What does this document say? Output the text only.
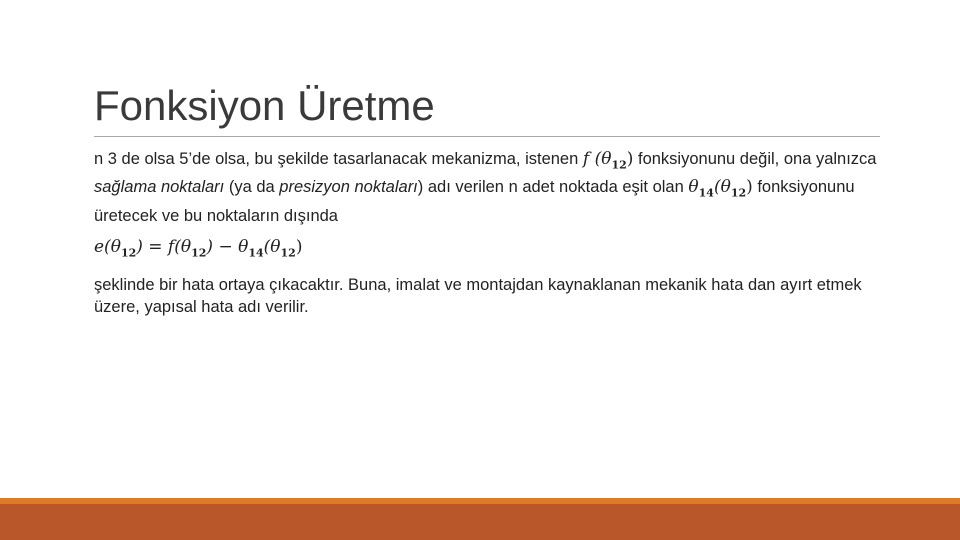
Fonksiyon Üretme

n 3 de olsa 5’de olsa, bu şekilde tasarlanacak mekanizma, istenen f $(\theta_{12})$ fonksiyonunu değil, ona yalnızca sağlama noktaları (ya da presizyon noktaları) adı verilen n adet noktada eşit olan $\theta_{14}(\theta_{12})$ fonksiyonunu üretecek ve bu noktaların dışında

$e(\theta_{12}) = f(\theta_{12}) - \theta_{14}(\theta_{12})$

şeklinde bir hata ortaya çıkacaktır. Buna, imalat ve montajdan kaynaklanan mekanik hata dan ayırt etmek üzere, yapısal hata adı verilir.
